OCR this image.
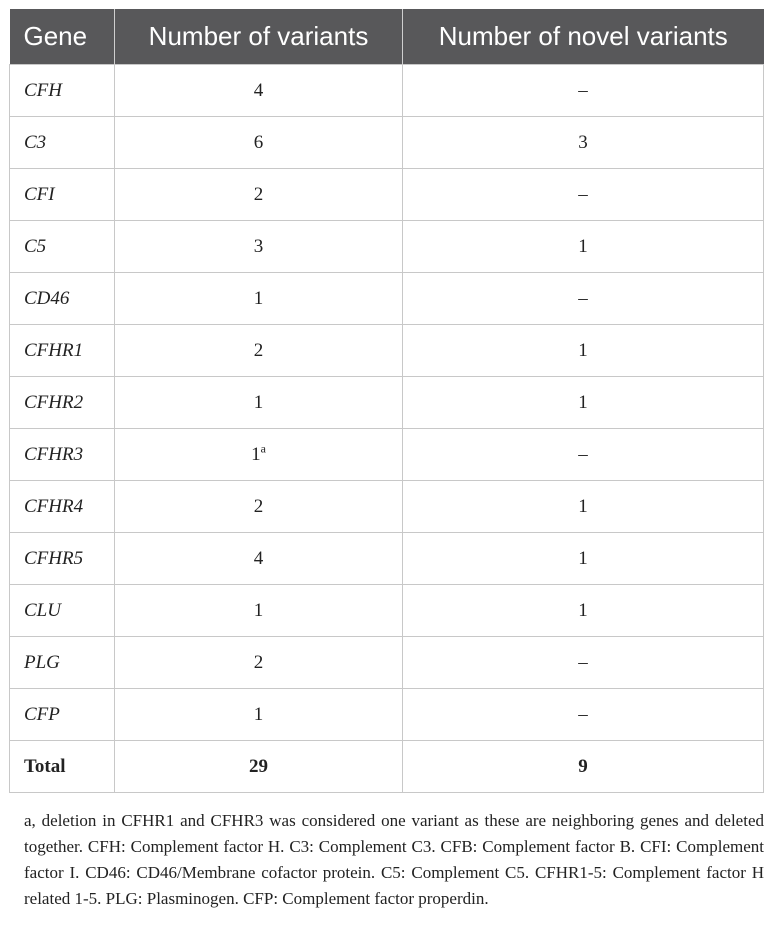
Gene	Number of variants	Number of novel variants
CFH	4	–
C3	6	3
CFI	2	–
C5	3	1
CD46	1	–
CFHR1	2	1
CFHR2	1	1
CFHR3	1$^a$	–
CFHR4	2	1
CFHR5	4	1
CLU	1	1
PLG	2	–
CFP	1	–
Total	29	9

a, deletion in CFHR1 and CFHR3 was considered one variant as these are neighboring genes and deleted together. CFH: Complement factor H. C3: Complement C3. CFB: Complement factor B. CFI: Complement factor I. CD46: CD46/Membrane cofactor protein. C5: Complement C5. CFHR1-5: Complement factor H related 1-5. PLG: Plasminogen. CFP: Complement factor properdin.
